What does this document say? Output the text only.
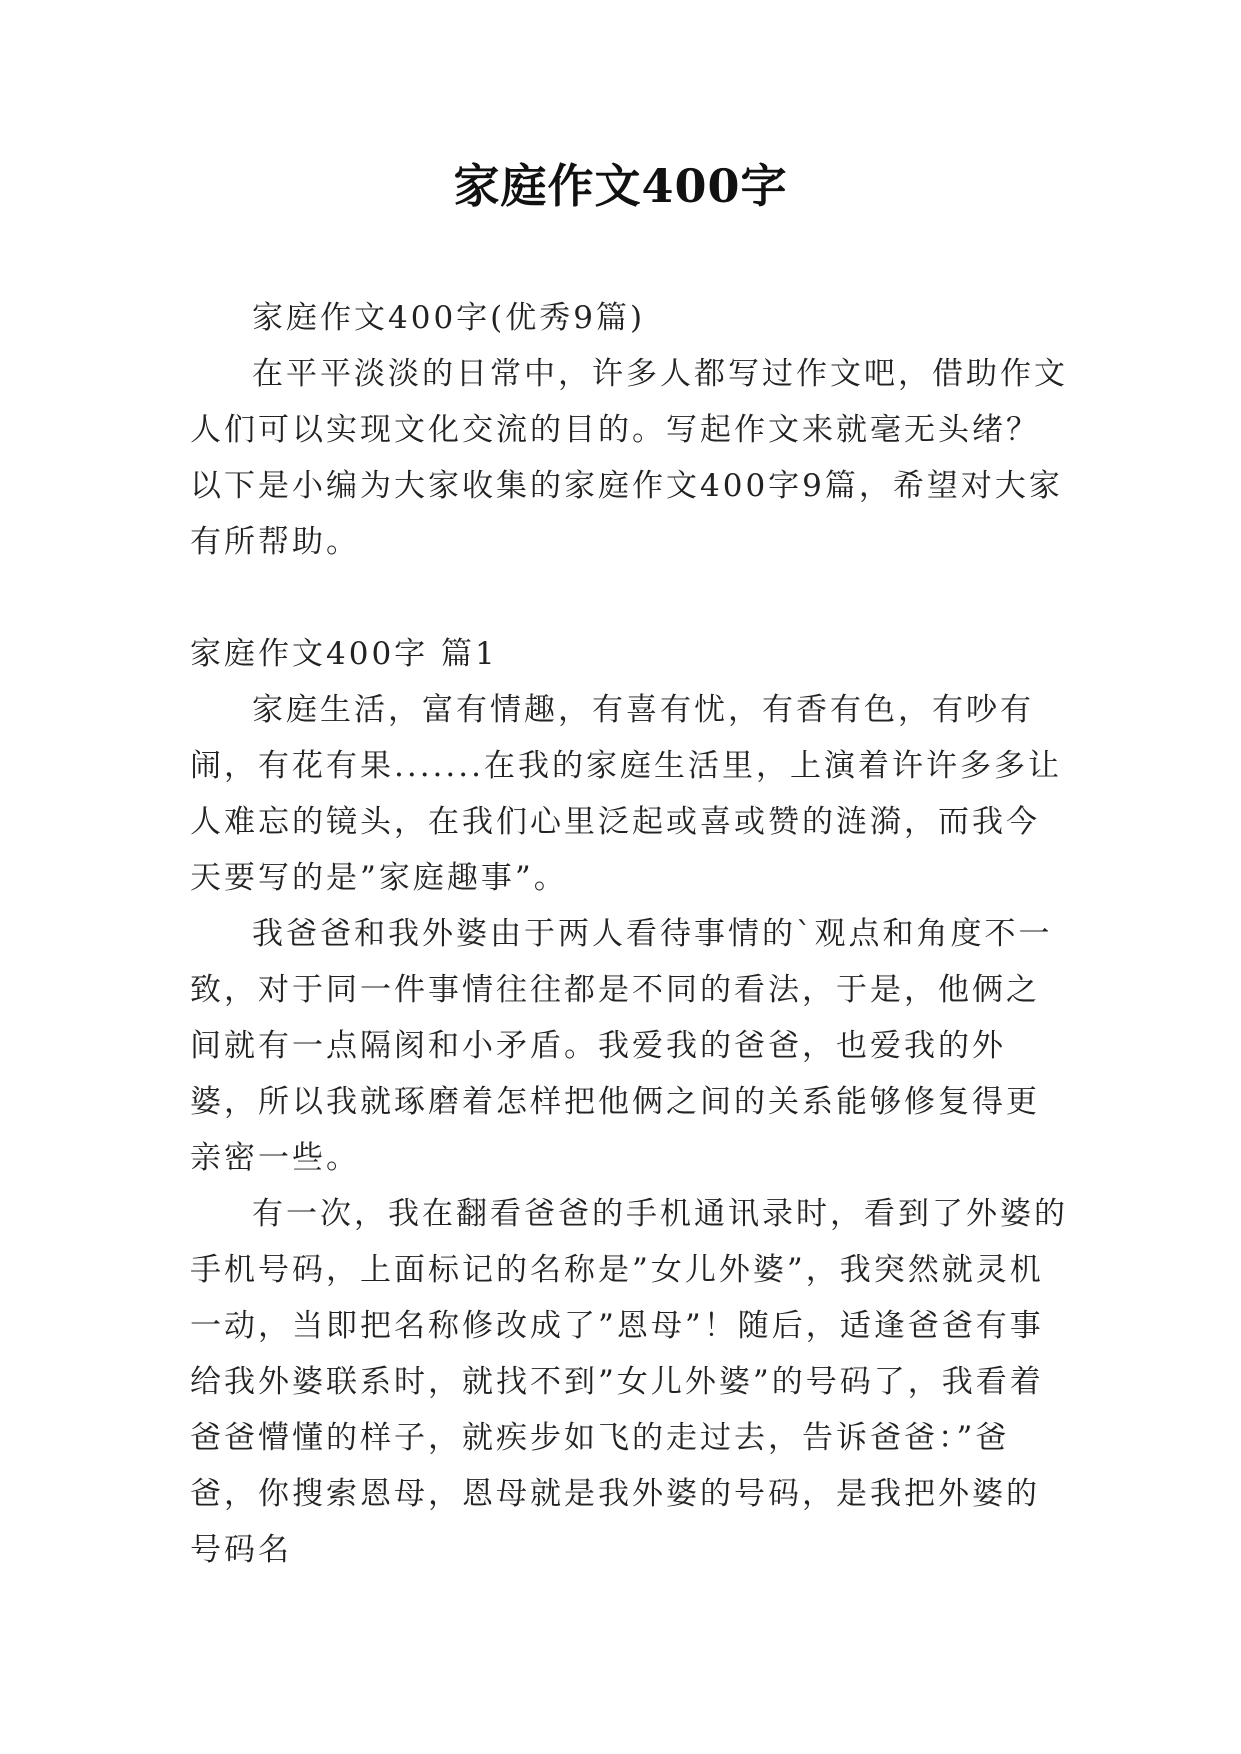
家庭作文400字

家庭作文400字(优秀9篇)

在平平淡淡的日常中，许多人都写过作文吧，借助作文人们可以实现文化交流的目的。写起作文来就毫无头绪？以下是小编为大家收集的家庭作文400字9篇，希望对大家有所帮助。

家庭作文400字 篇1

家庭生活，富有情趣，有喜有忧，有香有色，有吵有闹，有花有果.......在我的家庭生活里，上演着许许多多让人难忘的镜头，在我们心里泛起或喜或赞的涟漪，而我今天要写的是”家庭趣事”。

我爸爸和我外婆由于两人看待事情的`观点和角度不一致，对于同一件事情往往都是不同的看法，于是，他俩之间就有一点隔阂和小矛盾。我爱我的爸爸，也爱我的外婆，所以我就琢磨着怎样把他俩之间的关系能够修复得更亲密一些。

有一次，我在翻看爸爸的手机通讯录时，看到了外婆的手机号码，上面标记的名称是”女儿外婆”，我突然就灵机一动，当即把名称修改成了”恩母”！随后，适逢爸爸有事给我外婆联系时，就找不到”女儿外婆”的号码了，我看着爸爸懵懂的样子，就疾步如飞的走过去，告诉爸爸：”爸爸，你搜索恩母，恩母就是我外婆的号码，是我把外婆的号码名
